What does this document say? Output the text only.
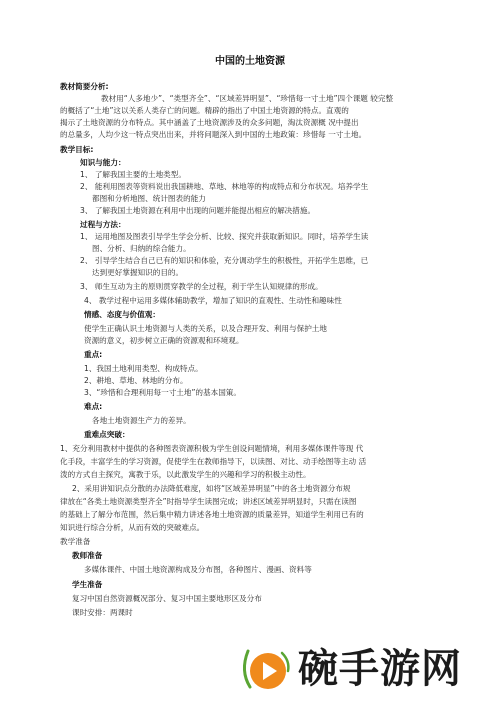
中国的土地资源
教材简要分析:
教材用“人多地少”、“类型齐全”、“区域差异明显”、“珍惜每一寸土地”四个课题 较完整
的概括了“土地”这以关系人类存亡的问题。精辟的指出了中国土地资源的特点。直观的
揭示了土地资源的分布特点。其中涵盖了土地资源涉及的众多问题，淘汰资源概 况中提出
的总量多，人均少这一特点突出出来，并将问题深入到中国的土地政策：珍惜每 一寸土地。
教学目标:
知识与能力：
1、 了解我国主要的土地类型。
2、 能利用图表等资料说出我国耕地、草地、林地等的构成特点和分布状况。培养学生
都图和分析地图、统计图表的能力
3、 了解我国土地资源在利用中出现的问题并能提出相应的解决措施。
过程与方法：
1、 运用地图及图表引导学生学会分析、比较、探究并获取新知识。同时，培养学生读
图、分析、归纳的综合能力。
2、 引导学生结合自己已有的知识和体验，充分调动学生的积极性，开拓学生思维，已
达到更好掌握知识的目的。
3、 师生互动为主的原则贯穿教学的全过程，利于学生认知规律的形成。
4、 教学过程中运用多媒体辅助教学，增加了知识的直观性、生动性和趣味性
情感、态度与价值观：
使学生正确认识土地资源与人类的关系，以及合理开发、利用与保护土地
资源的意义，初步树立正确的资源观和环境观。
重点:
1、我国土地利用类型、构成特点。
2、耕地、草地、林地的分布。
3、“珍惜和合理利用每一寸土地”的基本国策。
难点:
各地土地资源生产力的差异。
重难点突破：
1、充分利用教材中提供的各种图表资源积极为学生创设问题情境，利用多媒体课件等现 代
化手段，丰富学生的学习资源，促使学生在教师指导下，以读图、对比、动手绘图等主动 活
泼的方式自主探究，寓教于乐，以此激发学生的兴趣和学习的积极主动性。
2、采用讲知识点分散的办法降低难度，如将“区域差异明显”中的各土地资源分布规
律放在“各类土地资源类型齐全”时指导学生读图完成；讲述区域差异明显时，只需在读图
的基础上了解分布范围，然后集中精力讲述各地土地资源的质量差异，知道学生利用已有的
知识进行综合分析，从而有效的突破难点。
教学准备
教师准备
多媒体课件、中国土地资源构成及分布图，各种图片、漫画、资料等
学生准备
复习中国自然资源概况部分、复习中国主要地形区及分布
课时安排：两课时
碗手游网
